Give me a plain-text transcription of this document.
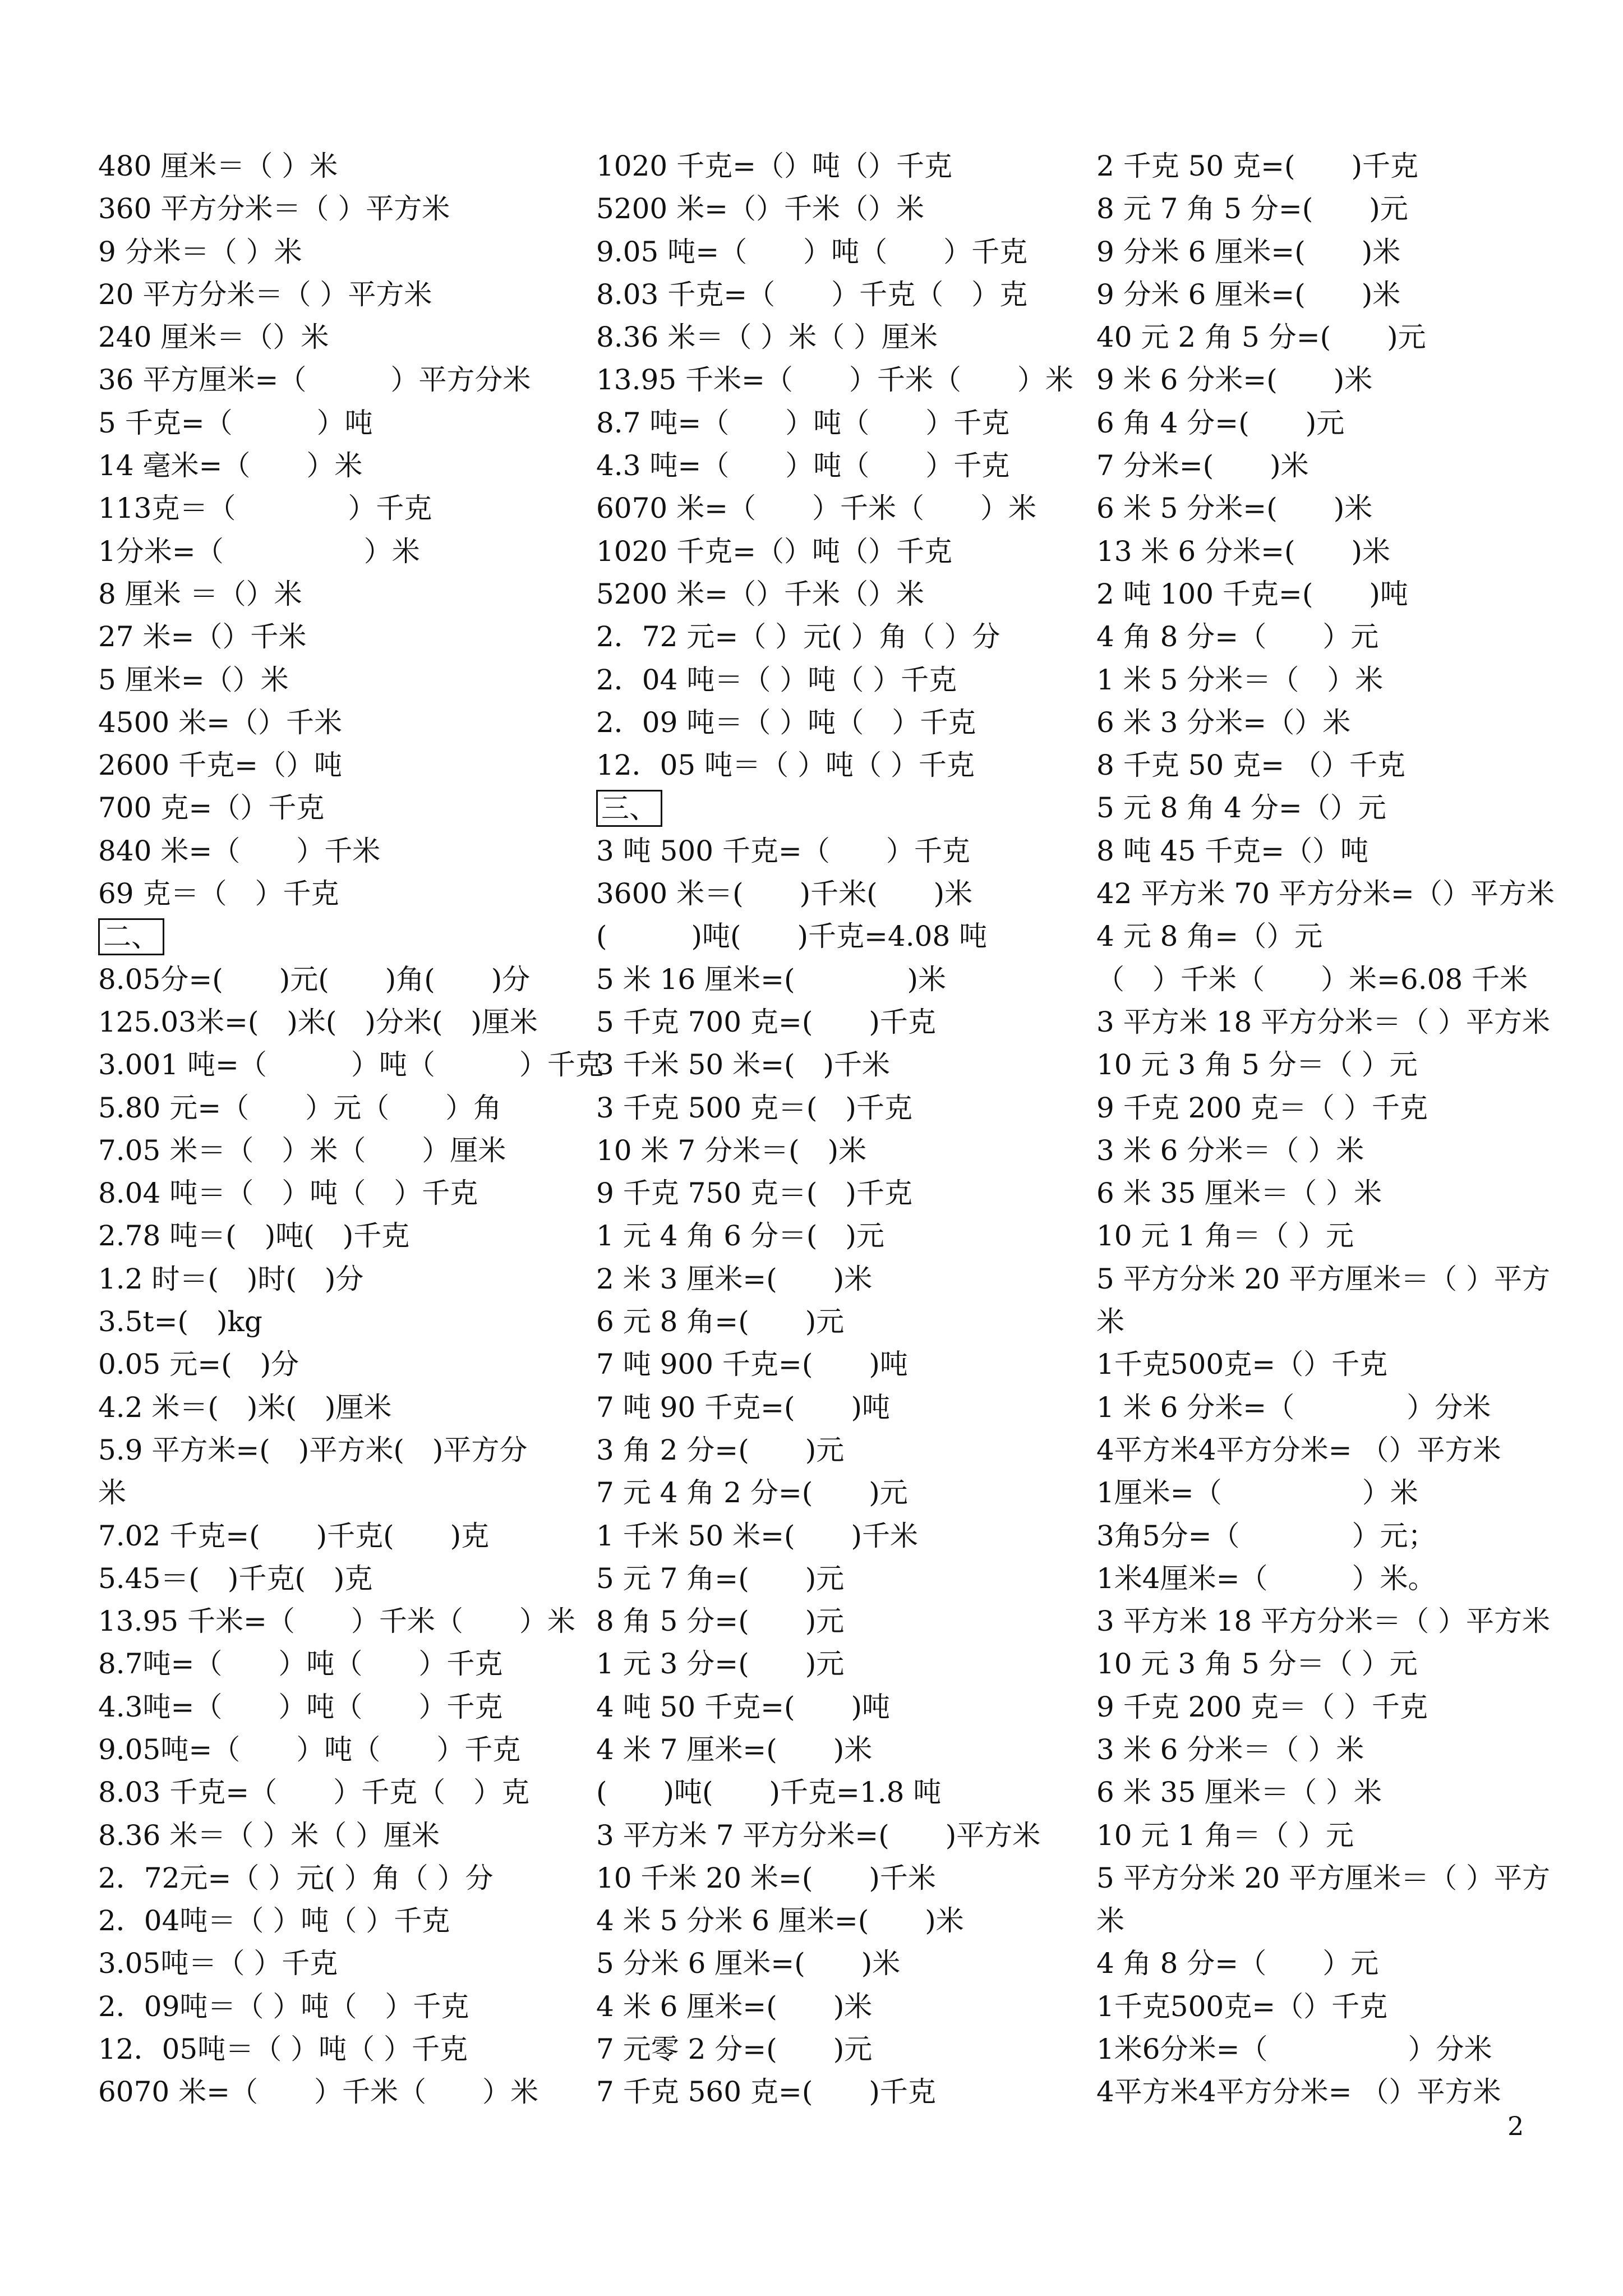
480 厘米＝（ ）米
360 平方分米＝（ ）平方米
9 分米＝（ ）米
20 平方分米＝（ ）平方米
240 厘米＝（）米
36 平方厘米=（　　　）平方分米
5 千克=（　　　）吨
14 毫米=（　　）米
113克＝（　　　　）千克
1分米=（　　　　　）米
8 厘米 ＝（）米
27 米=（）千米
5 厘米=（）米
4500 米=（）千米
2600 千克=（）吨
700 克=（）千克
840 米=（　　）千米
69 克＝（　）千克
二、
8.05分=(　　)元(　　)角(　　)分
125.03米=(　)米(　)分米(　)厘米
3.001 吨=（　　　）吨（　　　）千克
5.80 元=（　　）元（　　）角
7.05 米＝（　）米（　　）厘米
8.04 吨＝（　）吨（　）千克
2.78 吨＝(　)吨(　)千克
1.2 时＝(　)时(　)分
3.5t=(　)kg
0.05 元=(　)分
4.2 米＝(　)米(　)厘米
5.9 平方米=(　)平方米(　)平方分
米
7.02 千克=(　　)千克(　　)克
5.45＝(　)千克(　)克
13.95 千米=（　　）千米（　　）米
8.7吨=（　　）吨（　　）千克
4.3吨=（　　）吨（　　）千克
9.05吨=（　　）吨（　　）千克
8.03 千克=（　　）千克（　）克
8.36 米＝（ ）米（ ）厘米
2．72元=（ ）元( ）角（ ）分
2．04吨＝（ ）吨（ ）千克
3.05吨＝（ ）千克
2．09吨＝（ ）吨（　）千克
12．05吨＝（ ）吨（ ）千克
6070 米=（　　）千米（　　）米
1020 千克=（）吨（）千克
5200 米=（）千米（）米
9.05 吨=（　　）吨（　　）千克
8.03 千克=（　　）千克（　）克
8.36 米＝（ ）米（ ）厘米
13.95 千米=（　　）千米（　　）米
8.7 吨=（　　）吨（　　）千克
4.3 吨=（　　）吨（　　）千克
6070 米=（　　）千米（　　）米
1020 千克=（）吨（）千克
5200 米=（）千米（）米
2．72 元=（ ）元( ）角（ ）分
2．04 吨＝（ ）吨（ ）千克
2．09 吨＝（ ）吨（　）千克
12．05 吨＝（ ）吨（ ）千克
三、
3 吨 500 千克=（　　）千克
3600 米＝(　　)千米(　　)米
(　　　)吨(　　)千克=4.08 吨
5 米 16 厘米=(　　　　)米
5 千克 700 克=(　　)千克
3 千米 50 米=(　)千米
3 千克 500 克＝(　)千克
10 米 7 分米＝(　)米
9 千克 750 克＝(　)千克
1 元 4 角 6 分＝(　)元
2 米 3 厘米=(　　)米
6 元 8 角=(　　)元
7 吨 900 千克=(　　)吨
7 吨 90 千克=(　　)吨
3 角 2 分=(　　)元
7 元 4 角 2 分=(　　)元
1 千米 50 米=(　　)千米
5 元 7 角=(　　)元
8 角 5 分=(　　)元
1 元 3 分=(　　)元
4 吨 50 千克=(　　)吨
4 米 7 厘米=(　　)米
(　　)吨(　　)千克=1.8 吨
3 平方米 7 平方分米=(　　)平方米
10 千米 20 米=(　　)千米
4 米 5 分米 6 厘米=(　　)米
5 分米 6 厘米=(　　)米
4 米 6 厘米=(　　)米
7 元零 2 分=(　　)元
7 千克 560 克=(　　)千克
2 千克 50 克=(　　)千克
8 元 7 角 5 分=(　　)元
9 分米 6 厘米=(　　)米
9 分米 6 厘米=(　　)米
40 元 2 角 5 分=(　　)元
9 米 6 分米=(　　)米
6 角 4 分=(　　)元
7 分米=(　　)米
6 米 5 分米=(　　)米
13 米 6 分米=(　　)米
2 吨 100 千克=(　　)吨
4 角 8 分=（　　）元
1 米 5 分米＝（　）米
6 米 3 分米=（）米
8 千克 50 克= （）千克
5 元 8 角 4 分=（）元
8 吨 45 千克=（）吨
42 平方米 70 平方分米=（）平方米
4 元 8 角=（）元
（　）千米（　　）米=6.08 千米
3 平方米 18 平方分米＝（ ）平方米
10 元 3 角 5 分＝（ ）元
9 千克 200 克＝（ ）千克
3 米 6 分米＝（ ）米
6 米 35 厘米＝（ ）米
10 元 1 角＝（ ）元
5 平方分米 20 平方厘米＝（ ）平方
米
1千克500克=（）千克
1 米 6 分米=（　　　　）分米
4平方米4平方分米= （）平方米
1厘米=（　　　　　）米
3角5分=（　　　　）元；
1米4厘米=（　　　）米。
3 平方米 18 平方分米＝（ ）平方米
10 元 3 角 5 分＝（ ）元
9 千克 200 克＝（ ）千克
3 米 6 分米＝（ ）米
6 米 35 厘米＝（ ）米
10 元 1 角＝（ ）元
5 平方分米 20 平方厘米＝（ ）平方
米
4 角 8 分=（　　）元
1千克500克=（）千克
1米6分米=（　　　　　）分米
4平方米4平方分米= （）平方米
2
